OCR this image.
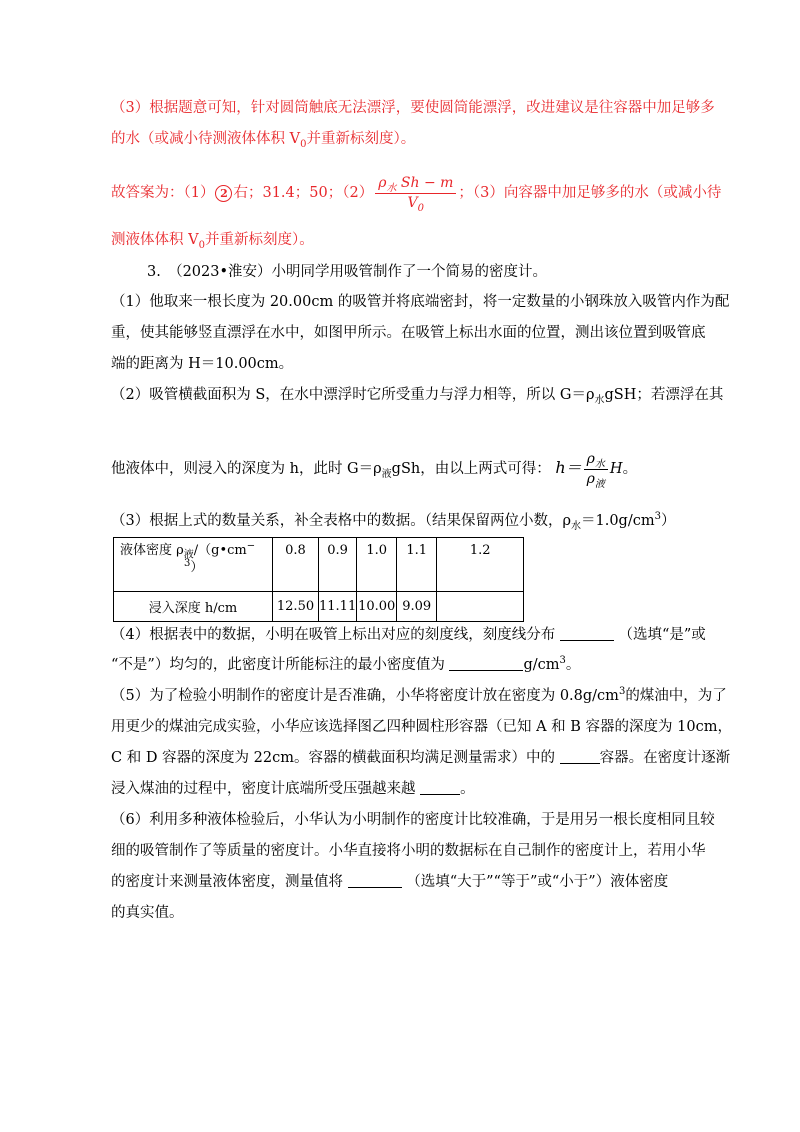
（3）根据题意可知，针对圆筒触底无法漂浮，要使圆筒能漂浮，改进建议是往容器中加足够多
的水（或减小待测液体体积 $V_0$并重新标刻度）。
故答案为：（1） 2 右；31.4；50；$(2) \frac{\rho_水 Sh - m}{V_0}$ ；（3）向容器中加足够多的水（或减小待
测液体体积 $V_0$并重新标刻度）。
3.　（2023•淮安）小明同学用吸管制作了一个简易的密度计。
（1）他取来一根长度为 20.00cm 的吸管并将底端密封，将一定数量的小钢珠放入吸管内作为配
重，使其能够竖直漂浮在水中，如图甲所示。在吸管上标出水面的位置，测出该位置到吸管底
端的距离为 H＝10.00cm。
（2）吸管横截面积为 S，在水中漂浮时它所受重力与浮力相等，所以 $G=\rho_水gSH$；若漂浮在其
他液体中，则浸入的深度为 h，此时 $G=\rho_液gSh$，由以上两式可得： $h= \frac{\rho_水}{\rho_液}$ H。
（3）根据上式的数量关系，补全表格中的数据。（结果保留两位小数，$\rho_水=1.0g/cm^3$）
液体密度 $\rho_液/(g•cm^-$
$^3$）	0.8	0.9	1.0	1.1	1.2
浸入深度 h/cm	12.50	11.11	10.00	9.09	
（4）根据表中的数据，小明在吸管上标出对应的刻度线，刻度线分布	（选填“是”或
“不是”）均匀的，此密度计所能标注的最小密度值为	$g/cm^3$。
（5）为了检验小明制作的密度计是否准确，小华将密度计放在密度为 $0.8g/cm^3$的煤油中，为了
用更少的煤油完成实验，小华应该选择图乙四种圆柱形容器（已知 A 和 B 容器的深度为 10cm，
C 和 D 容器的深度为 22cm。容器的横截面积均满足测量需求）中的	容器。在密度计逐渐
浸入煤油的过程中，密度计底端所受压强越来越	。
（6）利用多种液体检验后，小华认为小明制作的密度计比较准确，于是用另一根长度相同且较
细的吸管制作了等质量的密度计。小华直接将小明的数据标在自己制作的密度计上，若用小华
的密度计来测量液体密度，测量值将	（选填“大于”“等于”或“小于”）液体密度
的真实值。
